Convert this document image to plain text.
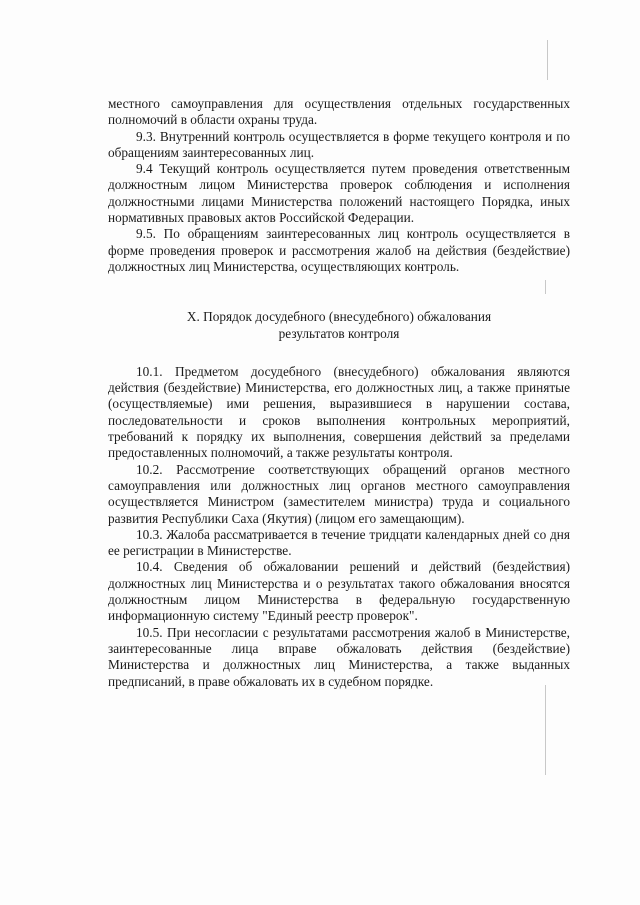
местного самоуправления для осуществления отдельных государственных полномочий в области охраны труда.

9.3. Внутренний контроль осуществляется в форме текущего контроля и по обращениям заинтересованных лиц.

9.4 Текущий контроль осуществляется путем проведения ответственным должностным лицом Министерства проверок соблюдения и исполнения должностными лицами Министерства положений настоящего Порядка, иных нормативных правовых актов Российской Федерации.

9.5. По обращениям заинтересованных лиц контроль осуществляется в форме проведения проверок и рассмотрения жалоб на действия (бездействие) должностных лиц Министерства, осуществляющих контроль.

X. Порядок досудебного (внесудебного) обжалования
результатов контроля

10.1. Предметом досудебного (внесудебного) обжалования являются действия (бездействие) Министерства, его должностных лиц, а также принятые (осуществляемые) ими решения, выразившиеся в нарушении состава, последовательности и сроков выполнения контрольных мероприятий, требований к порядку их выполнения, совершения действий за пределами предоставленных полномочий, а также результаты контроля.

10.2. Рассмотрение соответствующих обращений органов местного самоуправления или должностных лиц органов местного самоуправления осуществляется Министром (заместителем министра) труда и социального развития Республики Саха (Якутия) (лицом его замещающим).

10.3. Жалоба рассматривается в течение тридцати календарных дней со дня ее регистрации в Министерстве.

10.4. Сведения об обжаловании решений и действий (бездействия) должностных лиц Министерства и о результатах такого обжалования вносятся должностным лицом Министерства в федеральную государственную информационную систему "Единый реестр проверок".

10.5. При несогласии с результатами рассмотрения жалоб в Министерстве, заинтересованные лица вправе обжаловать действия (бездействие) Министерства и должностных лиц Министерства, а также выданных предписаний, в праве обжаловать их в судебном порядке.
